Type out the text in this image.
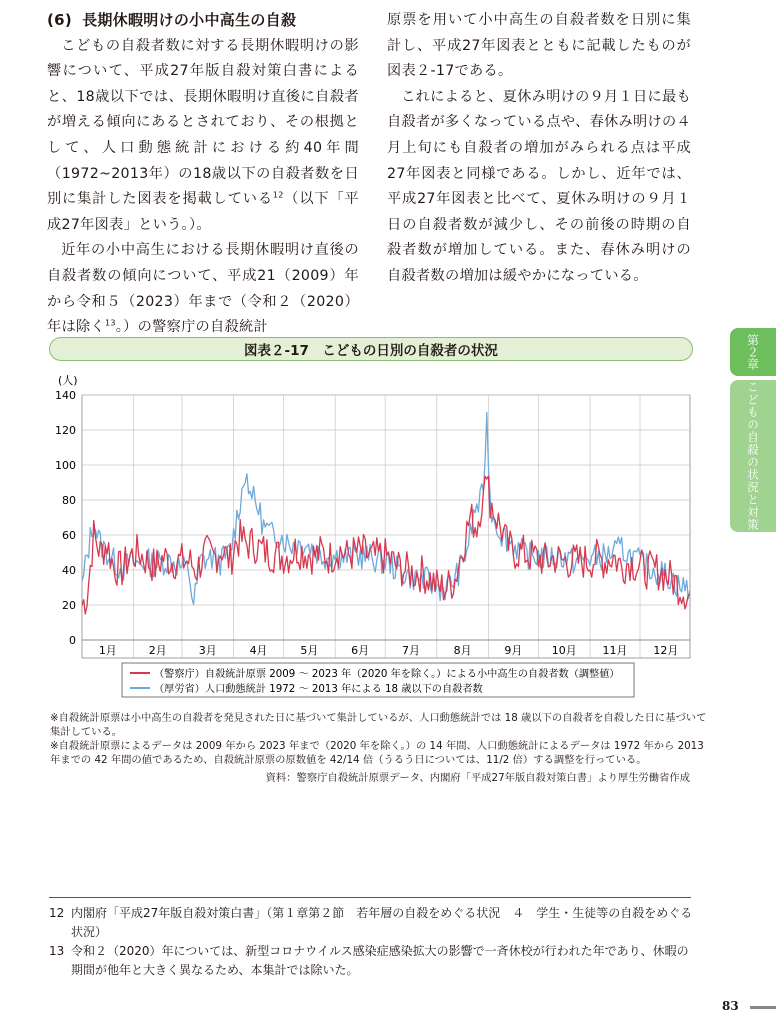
(6) 長期休暇明けの小中高生の自殺

こどもの自殺者数に対する長期休暇明けの影響について、平成27年版自殺対策白書によると、18歳以下では、長期休暇明け直後に自殺者が増える傾向にあるとされており、その根拠として、人口動態統計における約40年間（1972~2013年）の18歳以下の自殺者数を日別に集計した図表を掲載している$^{12}$（以下「平成27年図表」という。）。

近年の小中高生における長期休暇明け直後の自殺者数の傾向について、平成21（2009）年から令和５（2023）年まで（令和２（2020）年は除く$^{13}$。）の警察庁の自殺統計

原票を用いて小中高生の自殺者数を日別に集計し、平成27年図表とともに記載したものが図表２-17である。

これによると、夏休み明けの９月１日に最も自殺者が多くなっている点や、春休み明けの４月上旬にも自殺者の増加がみられる点は平成27年図表と同様である。しかし、近年では、平成27年図表と比べて、夏休み明けの９月１日の自殺者数が減少し、その前後の時期の自殺者数が増加している。また、春休み明けの自殺者数の増加は緩やかになっている。

第２章
こどもの自殺の状況と対策
図表２-17　こどもの日別の自殺者の状況
(人)
0
20
40
60
80
100
120
140
1月	2月	3月	4月	5月	6月	7月	8月	9月	10月 11月 12月
（警察庁）自殺統計原票 2009 ～ 2023 年（2020 年を除く。）による小中高生の自殺者数（調整値）
（厚労省）人口動態統計 1972 ～ 2013 年による 18 歳以下の自殺者数
※自殺統計原票は小中高生の自殺者を発見された日に基づいて集計しているが、人口動態統計では 18 歳以下の自殺者を自殺した日に基づいて集計している。
※自殺統計原票によるデータは 2009 年から 2023 年まで（2020 年を除く。）の 14 年間、人口動態統計によるデータは 1972 年から 2013 年までの 42 年間の値であるため、自殺統計原票の原数値を 42/14 倍（うるう日については、11/2 倍）する調整を行っている。
資料：警察庁自殺統計原票データ、内閣府「平成27年版自殺対策白書」より厚生労働省作成
12 内閣府「平成27年版自殺対策白書」（第１章第２節　若年層の自殺をめぐる状況　４　学生・生徒等の自殺をめぐる状況）
13 令和２（2020）年については、新型コロナウイルス感染症感染拡大の影響で一斉休校が行われた年であり、休暇の期間が他年と大きく異なるため、本集計では除いた。
83
